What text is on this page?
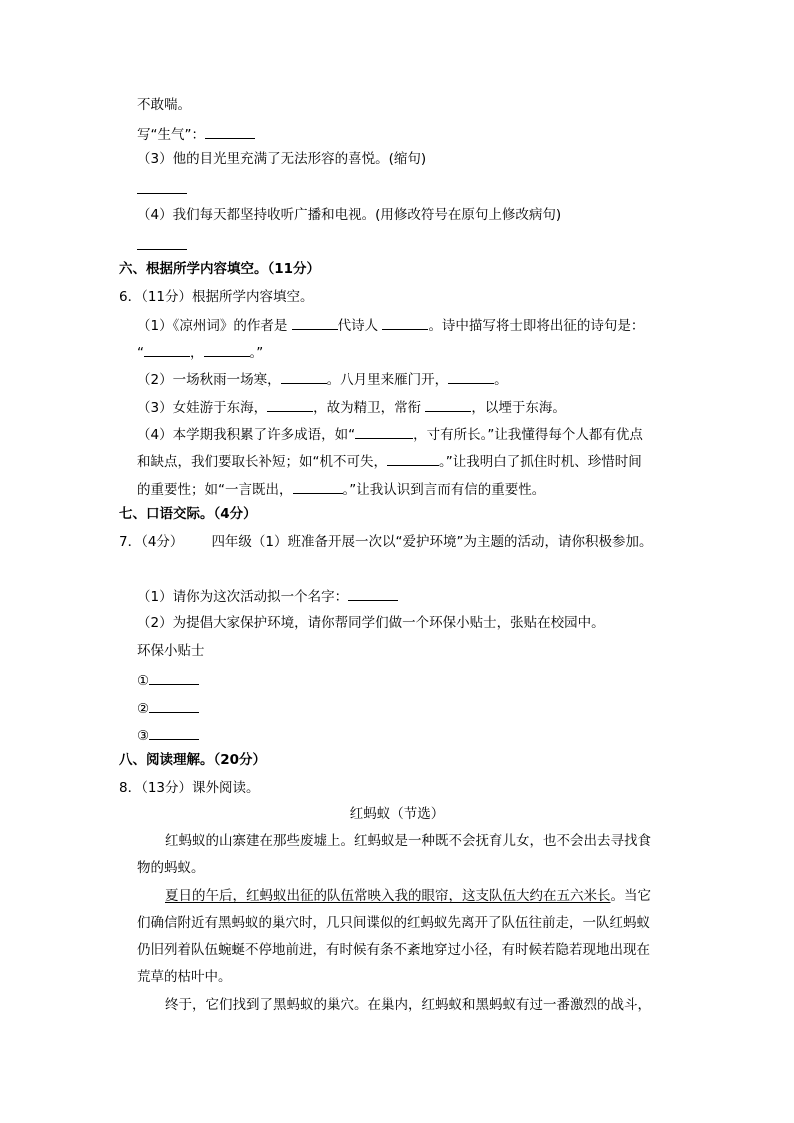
不敢喘。
写“生气”：
（3）他的目光里充满了无法形容的喜悦。(缩句)
（4）我们每天都坚持收听广播和电视。(用修改符号在原句上修改病句)
六、根据所学内容填空。（11分）
6．（11分）根据所学内容填空。
（1）《凉州词》的作者是	代诗人	。诗中描写将士即将出征的诗句是：
“	，	。”
（2）一场秋雨一场寒，	。八月里来雁门开，	。
（3）女娃游于东海，	，故为精卫，常衔	，以堙于东海。
（4）本学期我积累了许多成语，如“	，寸有所长。”让我懂得每个人都有优点
和缺点，我们要取长补短；如“机不可失，	。”让我明白了抓住时机、珍惜时间
的重要性；如“一言既出，	。”让我认识到言而有信的重要性。
七、口语交际。（4分）
7．（4分） 四年级（1）班准备开展一次以“爱护环境”为主题的活动，请你积极参加。
（1）请你为这次活动拟一个名字：
（2）为提倡大家保护环境，请你帮同学们做一个环保小贴士，张贴在校园中。
环保小贴士
①
②
③
八、阅读理解。（20分）
8．（13分）课外阅读。
红蚂蚁（节选）
红蚂蚁的山寨建在那些废墟上。红蚂蚁是一种既不会抚育儿女，也不会出去寻找食
物的蚂蚁。
夏日的午后，红蚂蚁出征的队伍常映入我的眼帘，这支队伍大约在五六米长。当它
们确信附近有黑蚂蚁的巢穴时，几只间谍似的红蚂蚁先离开了队伍往前走，一队红蚂蚁
仍旧列着队伍蜿蜒不停地前进，有时候有条不紊地穿过小径，有时候若隐若现地出现在
荒草的枯叶中。
终于，它们找到了黑蚂蚁的巢穴。在巢内，红蚂蚁和黑蚂蚁有过一番激烈的战斗，
